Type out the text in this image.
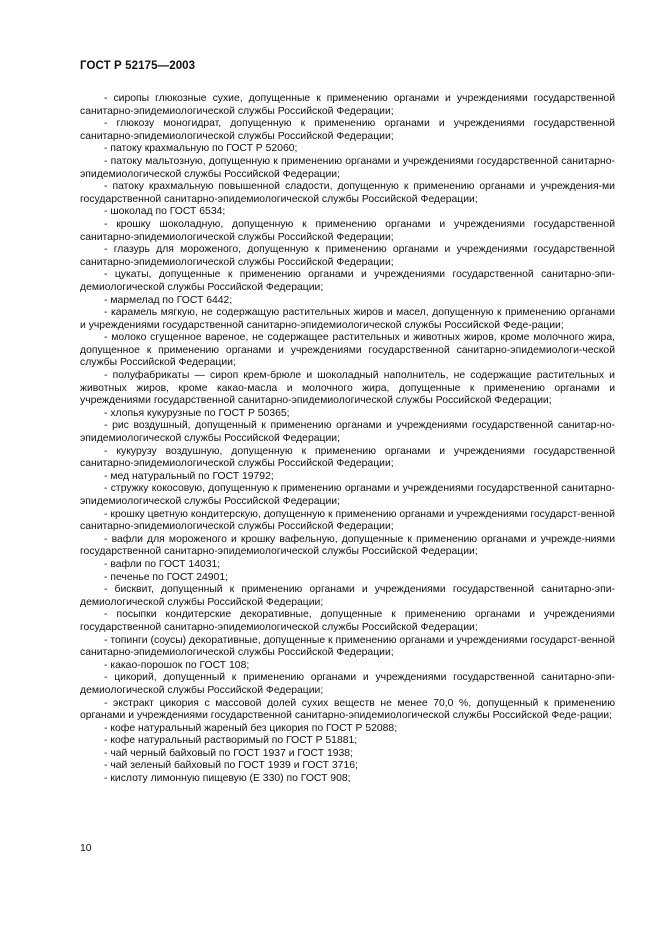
ГОСТ Р 52175—2003

- сиропы глюкозные сухие, допущенные к применению органами и учреждениями государственной санитарно-эпидемиологической службы Российской Федерации;

- глюкозу моногидрат, допущенную к применению органами и учреждениями государственной санитарно-эпидемиологической службы Российской Федерации;

- патоку крахмальную по ГОСТ Р 52060;

- патоку мальтозную, допущенную к применению органами и учреждениями государственной санитарно-эпидемиологической службы Российской Федерации;

- патоку крахмальную повышенной сладости, допущенную к применению органами и учреждения-ми государственной санитарно-эпидемиологической службы Российской Федерации;

- шоколад по ГОСТ 6534;

- крошку шоколадную, допущенную к применению органами и учреждениями государственной санитарно-эпидемиологической службы Российской Федерации;

- глазурь для мороженого, допущенную к применению органами и учреждениями государственной санитарно-эпидемиологической службы Российской Федерации;

- цукаты, допущенные к применению органами и учреждениями государственной санитарно-эпи-демиологической службы Российской Федерации;

- мармелад по ГОСТ 6442;

- карамель мягкую, не содержащую растительных жиров и масел, допущенную к применению органами и учреждениями государственной санитарно-эпидемиологической службы Российской Феде-рации;

- молоко сгущенное вареное, не содержащее растительных и животных жиров, кроме молочного жира, допущенное к применению органами и учреждениями государственной санитарно-эпидемиологи-ческой службы Российской Федерации;

- полуфабрикаты — сироп крем-брюле и шоколадный наполнитель, не содержащие растительных и животных жиров, кроме какао-масла и молочного жира, допущенные к применению органами и учреждениями государственной санитарно-эпидемиологической службы Российской Федерации;

- хлопья кукурузные по ГОСТ Р 50365;

- рис воздушный, допущенный к применению органами и учреждениями государственной санитар-но-эпидемиологической службы Российской Федерации;

- кукурузу воздушную, допущенную к применению органами и учреждениями государственной санитарно-эпидемиологической службы Российской Федерации;

- мед натуральный по ГОСТ 19792;

- стружку кокосовую, допущенную к применению органами и учреждениями государственной санитарно-эпидемиологической службы Российской Федерации;

- крошку цветную кондитерскую, допущенную к применению органами и учреждениями государст-венной санитарно-эпидемиологической службы Российской Федерации;

- вафли для мороженого и крошку вафельную, допущенные к применению органами и учрежде-ниями государственной санитарно-эпидемиологической службы Российской Федерации;

- вафли по ГОСТ 14031;

- печенье по ГОСТ 24901;

- бисквит, допущенный к применению органами и учреждениями государственной санитарно-эпи-демиологической службы Российской Федерации;

- посыпки кондитерские декоративные, допущенные к применению органами и учреждениями государственной санитарно-эпидемиологической службы Российской Федерации;

- топинги (соусы) декоративные, допущенные к применению органами и учреждениями государст-венной санитарно-эпидемиологической службы Российской Федерации;

- какао-порошок по ГОСТ 108;

- цикорий, допущенный к применению органами и учреждениями государственной санитарно-эпи-демиологической службы Российской Федерации;

- экстракт цикория с массовой долей сухих веществ не менее 70,0 %, допущенный к применению органами и учреждениями государственной санитарно-эпидемиологической службы Российской Феде-рации;

- кофе натуральный жареный без цикория по ГОСТ Р 52088;

- кофе натуральный растворимый по ГОСТ Р 51881;

- чай черный байховый по ГОСТ 1937 и ГОСТ 1938;

- чай зеленый байховый по ГОСТ 1939 и ГОСТ 3716;

- кислоту лимонную пищевую (Е 330) по ГОСТ 908;

10
